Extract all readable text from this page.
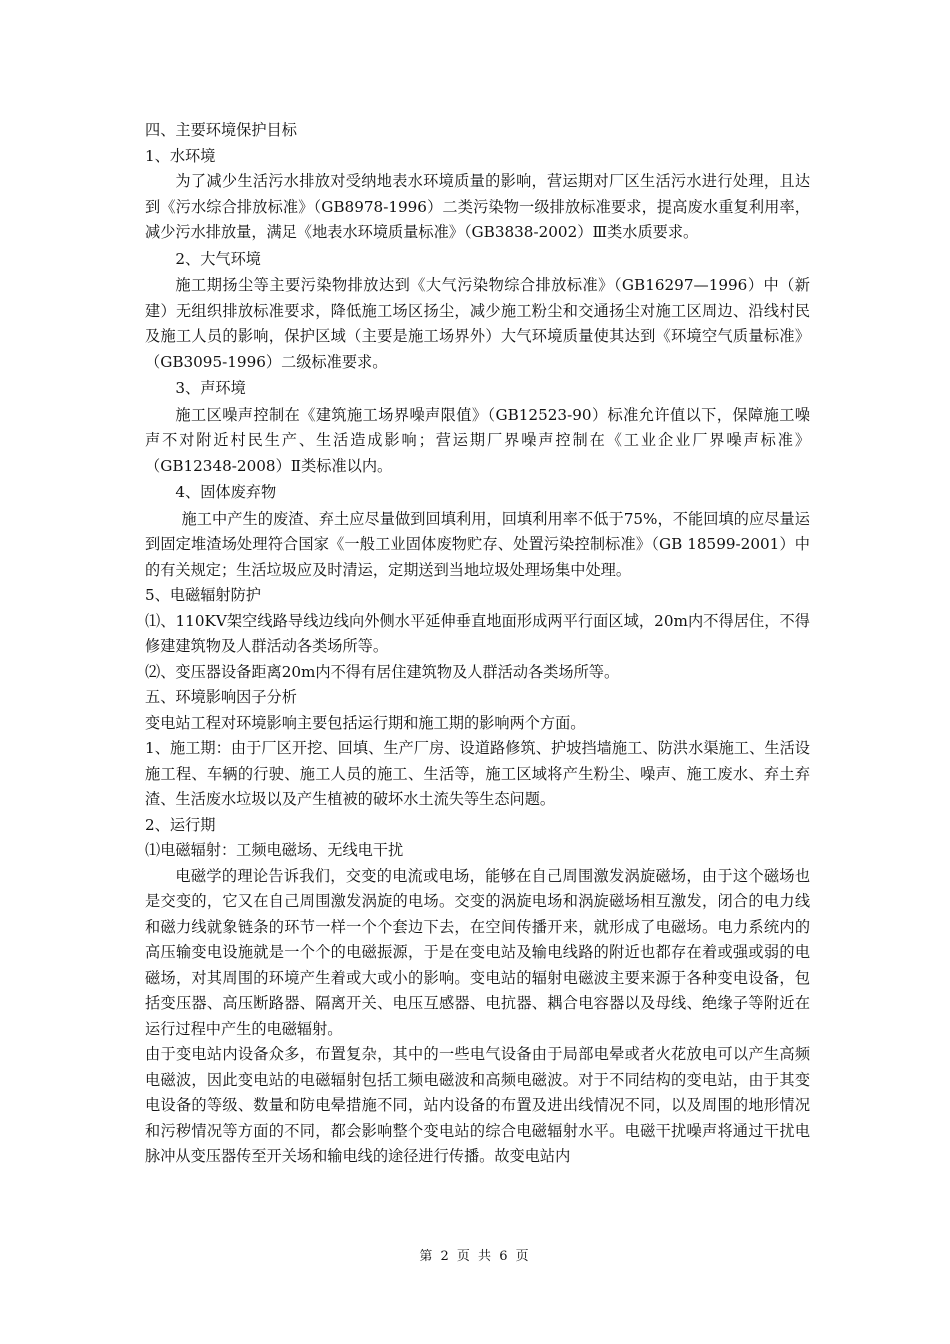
四、主要环境保护目标

1、水环境

为了减少生活污水排放对受纳地表水环境质量的影响，营运期对厂区生活污水进行处理，且达到《污水综合排放标准》（GB8978-1996）二类污染物一级排放标准要求，提高废水重复利用率，减少污水排放量，满足《地表水环境质量标准》（GB3838-2002）Ⅲ类水质要求。

2、大气环境

施工期扬尘等主要污染物排放达到《大气污染物综合排放标准》（GB16297—1996）中（新建）无组织排放标准要求，降低施工场区扬尘，减少施工粉尘和交通扬尘对施工区周边、沿线村民及施工人员的影响，保护区域（主要是施工场界外）大气环境质量使其达到《环境空气质量标准》（GB3095-1996）二级标准要求。

3、声环境

施工区噪声控制在《建筑施工场界噪声限值》（GB12523-90）标准允许值以下，保障施工噪声不对附近村民生产、生活造成影响；营运期厂界噪声控制在《工业企业厂界噪声标准》（GB12348-2008）Ⅱ类标准以内。

4、固体废弃物

施工中产生的废渣、弃土应尽量做到回填利用，回填利用率不低于75%，不能回填的应尽量运到固定堆渣场处理符合国家《一般工业固体废物贮存、处置污染控制标准》（GB 18599-2001）中的有关规定；生活垃圾应及时清运，定期送到当地垃圾处理场集中处理。

5、电磁辐射防护

⑴、110KV架空线路导线边线向外侧水平延伸垂直地面形成两平行面区域，20m内不得居住，不得修建建筑物及人群活动各类场所等。

⑵、变压器设备距离20m内不得有居住建筑物及人群活动各类场所等。

五、环境影响因子分析

变电站工程对环境影响主要包括运行期和施工期的影响两个方面。

1、施工期：由于厂区开挖、回填、生产厂房、设道路修筑、护坡挡墙施工、防洪水渠施工、生活设施工程、车辆的行驶、施工人员的施工、生活等，施工区域将产生粉尘、噪声、施工废水、弃土弃渣、生活废水垃圾以及产生植被的破坏水土流失等生态问题。

2、运行期

⑴电磁辐射：工频电磁场、无线电干扰

电磁学的理论告诉我们，交变的电流或电场，能够在自己周围激发涡旋磁场，由于这个磁场也是交变的，它又在自己周围激发涡旋的电场。交变的涡旋电场和涡旋磁场相互激发，闭合的电力线和磁力线就象链条的环节一样一个个套边下去，在空间传播开来，就形成了电磁场。电力系统内的高压输变电设施就是一个个的电磁振源，于是在变电站及输电线路的附近也都存在着或强或弱的电磁场，对其周围的环境产生着或大或小的影响。变电站的辐射电磁波主要来源于各种变电设备，包括变压器、高压断路器、隔离开关、电压互感器、电抗器、耦合电容器以及母线、绝缘子等附近在运行过程中产生的电磁辐射。

由于变电站内设备众多，布置复杂，其中的一些电气设备由于局部电晕或者火花放电可以产生高频电磁波，因此变电站的电磁辐射包括工频电磁波和高频电磁波。对于不同结构的变电站，由于其变电设备的等级、数量和防电晕措施不同，站内设备的布置及进出线情况不同，以及周围的地形情况和污秽情况等方面的不同，都会影响整个变电站的综合电磁辐射水平。电磁干扰噪声将通过干扰电脉冲从变压器传至开关场和输电线的途径进行传播。故变电站内

第 2 页 共 6 页
